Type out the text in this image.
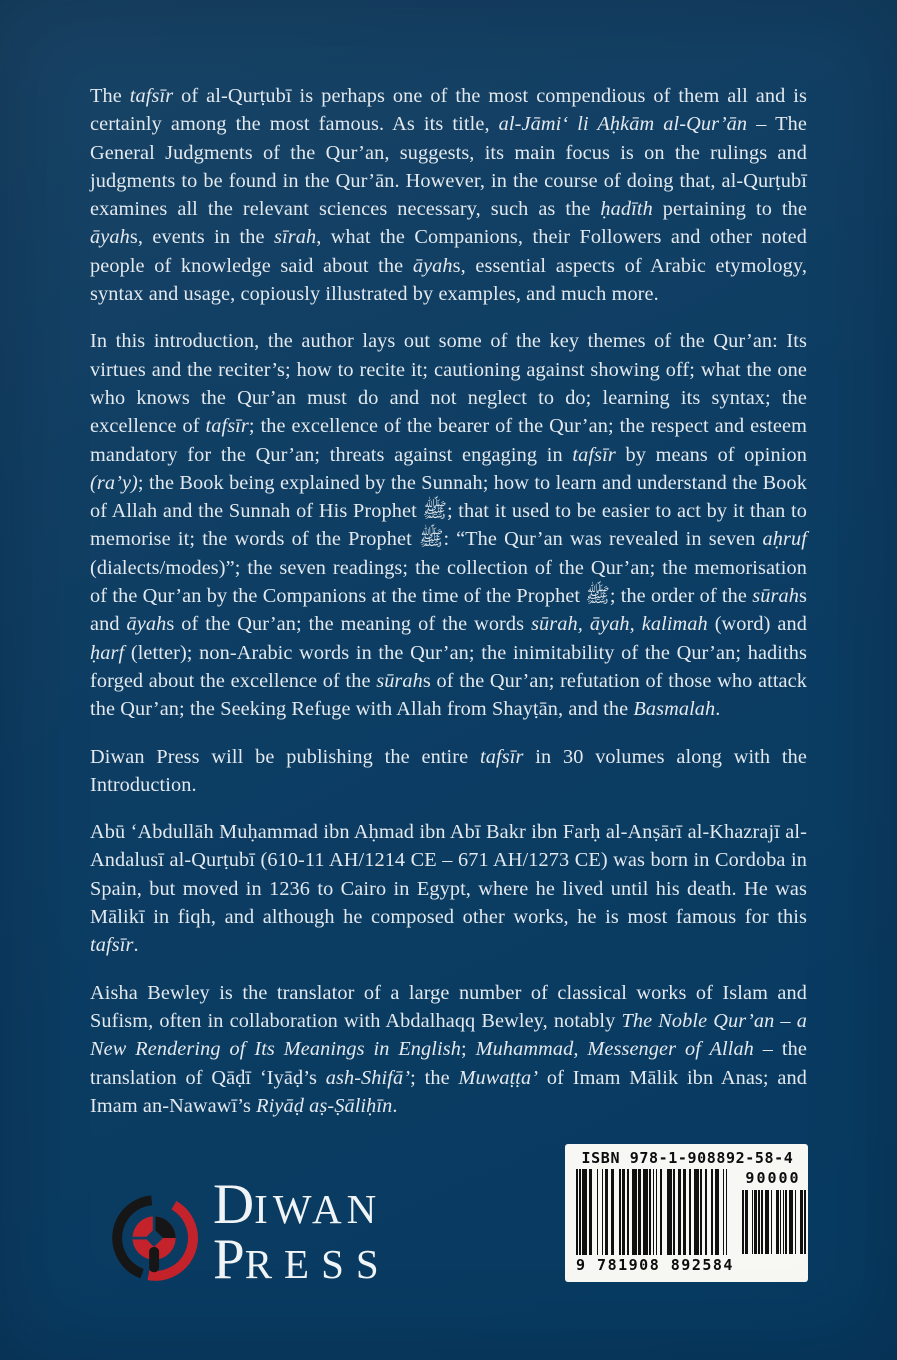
The tafsīr of al-Qurṭubī is perhaps one of the most compendious of them all and is certainly among the most famous. As its title, al-Jāmi‘ li Aḥkām al-Qur’ān – The General Judgments of the Qur’an, suggests, its main focus is on the rulings and judgments to be found in the Qur’ān. However, in the course of doing that, al-Qurṭubī examines all the relevant sciences necessary, such as the ḥadīth pertaining to the āyahs, events in the sīrah, what the Companions, their Followers and other noted people of knowledge said about the āyahs, essential aspects of Arabic etymology, syntax and usage, copiously illustrated by examples, and much more.

In this introduction, the author lays out some of the key themes of the Qur’an: Its virtues and the reciter’s; how to recite it; cautioning against showing off; what the one who knows the Qur’an must do and not neglect to do; learning its syntax; the excellence of tafsīr; the excellence of the bearer of the Qur’an; the respect and esteem mandatory for the Qur’an; threats against engaging in tafsīr by means of opinion (ra’y); the Book being explained by the Sunnah; how to learn and understand the Book of Allah and the Sunnah of His Prophet ﷺ; that it used to be easier to act by it than to memorise it; the words of the Prophet ﷺ: “The Qur’an was revealed in seven aḥruf (dialects/modes)”; the seven readings; the collection of the Qur’an; the memorisation of the Qur’an by the Companions at the time of the Prophet ﷺ; the order of the sūrahs and āyahs of the Qur’an; the meaning of the words sūrah, āyah, kalimah (word) and ḥarf (letter); non-Arabic words in the Qur’an; the inimitability of the Qur’an; hadiths forged about the excellence of the sūrahs of the Qur’an; refutation of those who attack the Qur’an; the Seeking Refuge with Allah from Shayṭān, and the Basmalah.

Diwan Press will be publishing the entire tafsīr in 30 volumes along with the Introduction.

Abū ‘Abdullāh Muḥammad ibn Aḥmad ibn Abī Bakr ibn Farḥ al-Anṣārī al-Khazrajī al-Andalusī al-Qurṭubī (610-11 AH/1214 CE – 671 AH/1273 CE) was born in Cordoba in Spain, but moved in 1236 to Cairo in Egypt, where he lived until his death. He was Mālikī in fiqh, and although he composed other works, he is most famous for this tafsīr.

Aisha Bewley is the translator of a large number of classical works of Islam and Sufism, often in collaboration with Abdalhaqq Bewley, notably The Noble Qur’an – a New Rendering of Its Meanings in English; Muhammad, Messenger of Allah – the translation of Qāḍī ‘Iyāḍ’s ash-Shifā’; the Muwaṭṭa’ of Imam Mālik ibn Anas; and Imam an-Nawawī’s Riyāḍ aṣ-Ṣāliḥīn.

DIWAN
PRESS
ISBN 978-1-908892-58-4
9 781908 892584
90000
